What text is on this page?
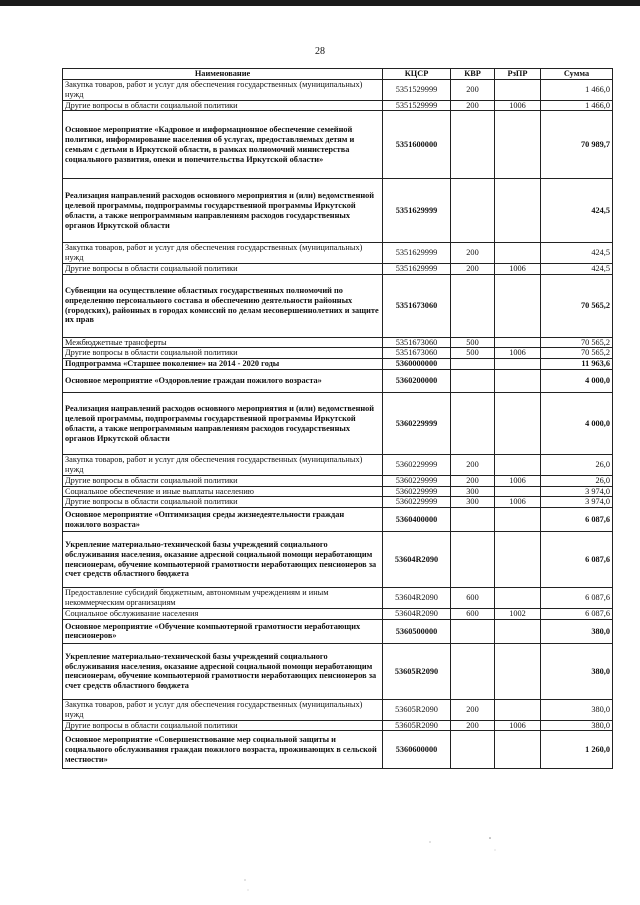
28
Наименование	КЦСР	КВР	РзПР	Сумма
Закупка товаров, работ и услуг для обеспечения государственных (муниципальных) нужд	5351529999	200		1 466,0
Другие вопросы в области социальной политики	5351529999	200	1006	1 466,0
Основное мероприятие «Кадровое и информационное обеспечение семейной политики, информирование населения об услугах, предоставляемых детям и семьям с детьми в Иркутской области, в рамках полномочий министерства социального развития, опеки и попечительства Иркутской области»	5351600000			70 989,7
Реализация направлений расходов основного мероприятия и (или) ведомственной целевой программы, подпрограммы государственной программы Иркутской области, а также непрограммным направлениям расходов государственных органов Иркутской области	5351629999			424,5
Закупка товаров, работ и услуг для обеспечения государственных (муниципальных) нужд	5351629999	200		424,5
Другие вопросы в области социальной политики	5351629999	200	1006	424,5
Субвенции на осуществление областных государственных полномочий по определению персонального состава и обеспечению деятельности районных (городских), районных в городах комиссий по делам несовершеннолетних и защите их прав	5351673060			70 565,2
Межбюджетные трансферты	5351673060	500		70 565,2
Другие вопросы в области социальной политики	5351673060	500	1006	70 565,2
Подпрограмма «Старшее поколение» на 2014 - 2020 годы	5360000000			11 963,6
Основное мероприятие «Оздоровление граждан пожилого возраста»	5360200000			4 000,0
Реализация направлений расходов основного мероприятия и (или) ведомственной целевой программы, подпрограммы государственной программы Иркутской области, а также непрограммным направлениям расходов государственных органов Иркутской области	5360229999			4 000,0
Закупка товаров, работ и услуг для обеспечения государственных (муниципальных) нужд	5360229999	200		26,0
Другие вопросы в области социальной политики	5360229999	200	1006	26,0
Социальное обеспечение и иные выплаты населению	5360229999	300		3 974,0
Другие вопросы в области социальной политики	5360229999	300	1006	3 974,0
Основное мероприятие «Оптимизация среды жизнедеятельности граждан пожилого возраста»	5360400000			6 087,6
Укрепление материально-технической базы учреждений социального обслуживания населения, оказание адресной социальной помощи неработающим пенсионерам, обучение компьютерной грамотности неработающих пенсионеров за счет средств областного бюджета	53604R2090			6 087,6
Предоставление субсидий бюджетным, автономным учреждениям и иным некоммерческим организациям	53604R2090	600		6 087,6
Социальное обслуживание населения	53604R2090	600	1002	6 087,6
Основное мероприятие «Обучение компьютерной грамотности неработающих пенсионеров»	5360500000			380,0
Укрепление материально-технической базы учреждений социального обслуживания населения, оказание адресной социальной помощи неработающим пенсионерам, обучение компьютерной грамотности неработающих пенсионеров за счет средств областного бюджета	53605R2090			380,0
Закупка товаров, работ и услуг для обеспечения государственных (муниципальных) нужд	53605R2090	200		380,0
Другие вопросы в области социальной политики	53605R2090	200	1006	380,0
Основное мероприятие «Совершенствование мер социальной защиты и социального обслуживания граждан пожилого возраста, проживающих в сельской местности»	5360600000			1 260,0
